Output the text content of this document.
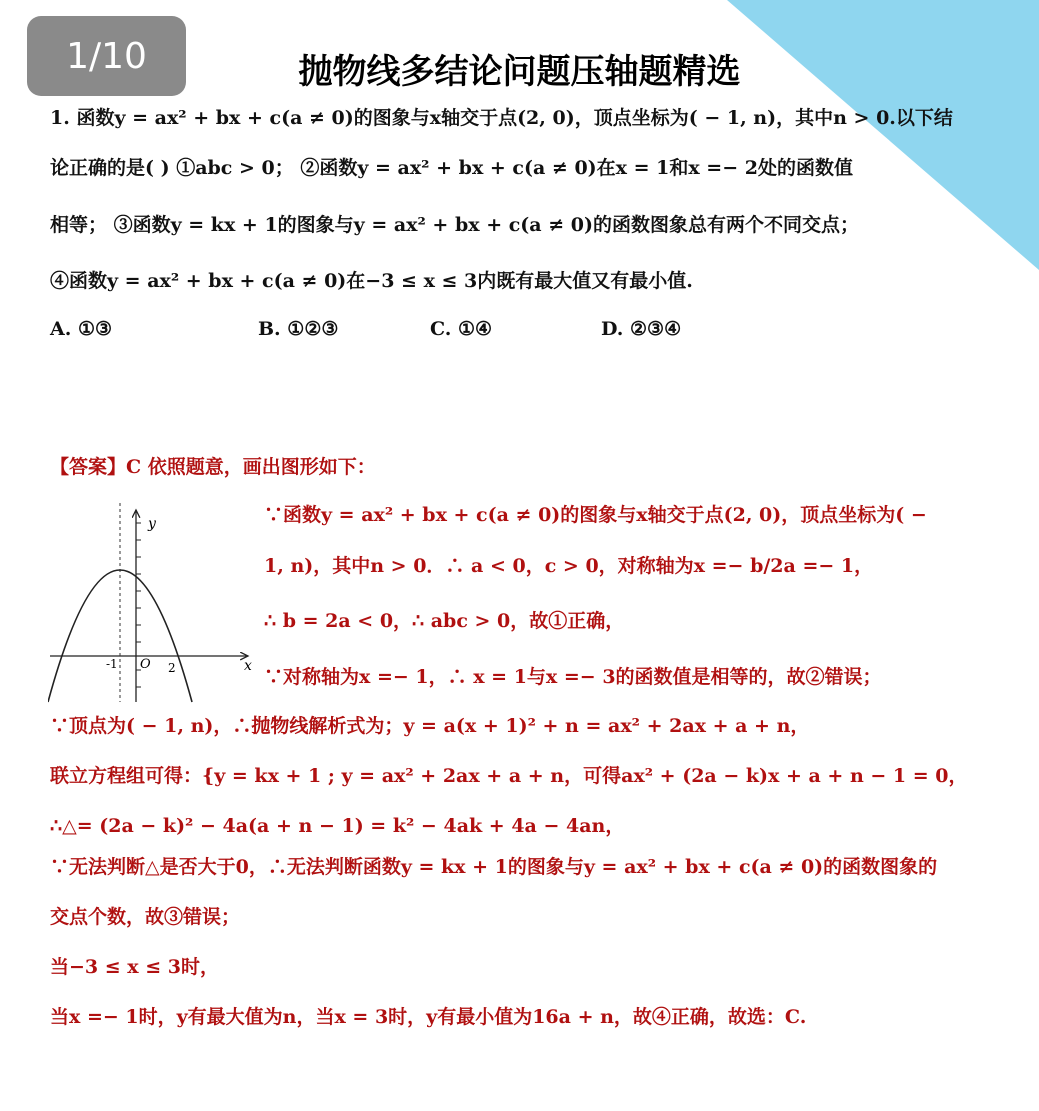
1/10	抛物线多结论问题压轴题精选
1. 函数y = ax² + bx + c(a ≠ 0)的图象与x轴交于点(2, 0)，顶点坐标为( − 1, n)，其中n > 0.以下结
论正确的是( ) ①abc > 0； ②函数y = ax² + bx + c(a ≠ 0)在x = 1和x =− 2处的函数值
相等； ③函数y = kx + 1的图象与y = ax² + bx + c(a ≠ 0)的函数图象总有两个不同交点；
④函数y = ax² + bx + c(a ≠ 0)在−3 ≤ x ≤ 3内既有最大值又有最小值.
A. ①③	B. ①②③	C. ①④	D. ②③④
【答案】C 依照题意，画出图形如下：
x
y
O
-1	2
∵函数y = ax² + bx + c(a ≠ 0)的图象与x轴交于点(2, 0)，顶点坐标为( −
1, n)，其中n > 0．∴ a < 0，c > 0，对称轴为x =− b/2a =− 1，
∴ b = 2a < 0，∴ abc > 0，故①正确，
∵对称轴为x =− 1，∴ x = 1与x =− 3的函数值是相等的，故②错误；
∵顶点为( − 1, n)，∴抛物线解析式为；y = a(x + 1)² + n = ax² + 2ax + a + n，
联立方程组可得：{y = kx + 1 ; y = ax² + 2ax + a + n，可得ax² + (2a − k)x + a + n − 1 = 0，
∴△= (2a − k)² − 4a(a + n − 1) = k² − 4ak + 4a − 4an，
∵无法判断△是否大于0，∴无法判断函数y = kx + 1的图象与y = ax² + bx + c(a ≠ 0)的函数图象的
交点个数，故③错误；
当−3 ≤ x ≤ 3时，
当x =− 1时，y有最大值为n，当x = 3时，y有最小值为16a + n，故④正确，故选：C.
